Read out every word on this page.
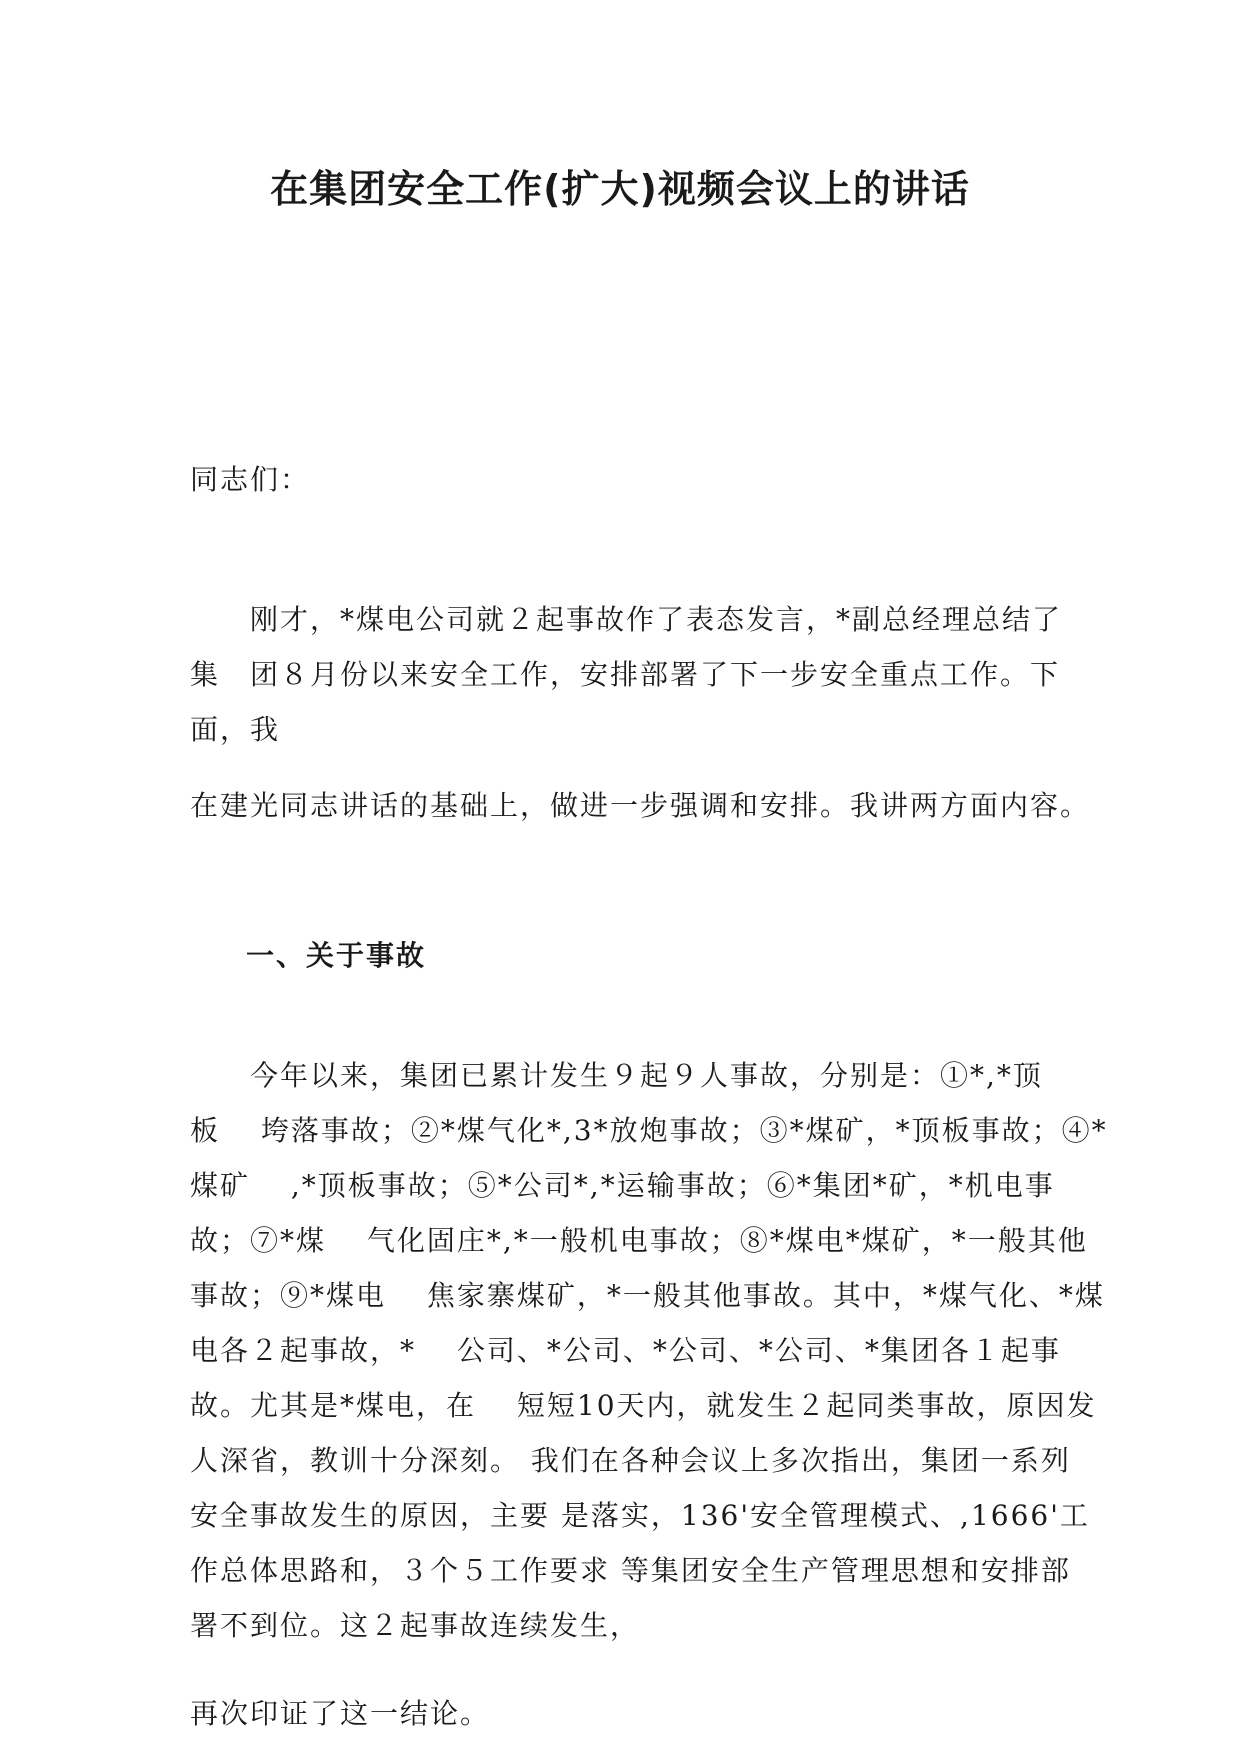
在集团安全工作(扩大)视频会议上的讲话

同志们：

　　刚才，*煤电公司就２起事故作了表态发言，*副总经理总结了
集　团８月份以来安全工作，安排部署了下一步安全重点工作。下
面，我

在建光同志讲话的基础上，做进一步强调和安排。我讲两方面内容。

一、关于事故

　　今年以来，集团已累计发生９起９人事故，分别是：①*,*顶
板　 垮落事故；②*煤气化*,3*放炮事故；③*煤矿，*顶板事故；④*
煤矿　 ,*顶板事故；⑤*公司*,*运输事故；⑥*集团*矿，*机电事
故；⑦*煤　 气化固庄*,*一般机电事故；⑧*煤电*煤矿，*一般其他
事故；⑨*煤电　 焦家寨煤矿，*一般其他事故。其中，*煤气化、*煤
电各２起事故，*　 公司、*公司、*公司、*公司、*集团各１起事
故。尤其是*煤电，在　 短短10天内，就发生２起同类事故，原因发
人深省，教训十分深刻。 我们在各种会议上多次指出，集团一系列
安全事故发生的原因，主要 是落实，136'安全管理模式、,1666'工
作总体思路和，３个５工作要求 等集团安全生产管理思想和安排部
署不到位。这２起事故连续发生，

再次印证了这一结论。
